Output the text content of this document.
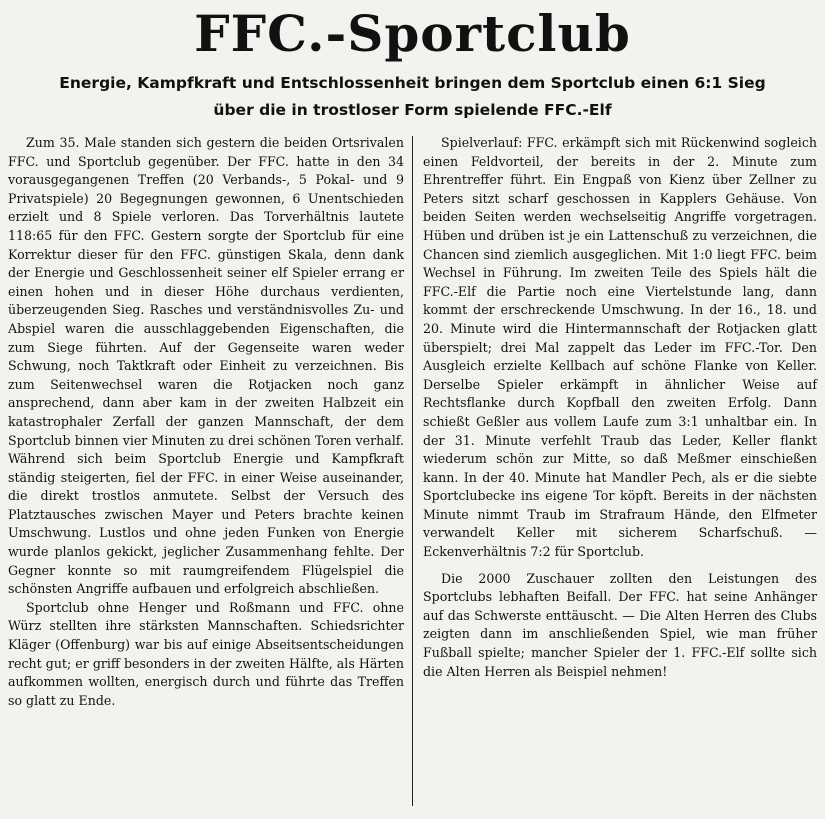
FFC.-Sportclub
Energie, Kampfkraft und Entschlossenheit bringen dem Sportclub einen 6:1 Sieg
über die in trostloser Form spielende FFC.-Elf

Zum 35. Male standen sich gestern die beiden Ortsrivalen FFC. und Sportclub gegenüber. Der FFC. hatte in den 34 vorausgegangenen Treffen (20 Verbands-, 5 Pokal- und 9 Privatspiele) 20 Begegnungen gewonnen, 6 Unentschieden erzielt und 8 Spiele verloren. Das Torverhältnis lautete 118:65 für den FFC. Gestern sorgte der Sportclub für eine Korrektur dieser für den FFC. günstigen Skala, denn dank der Energie und Geschlossenheit seiner elf Spieler errang er einen hohen und in dieser Höhe durchaus verdienten, überzeugenden Sieg. Rasches und verständnisvolles Zu- und Abspiel waren die ausschlaggebenden Eigenschaften, die zum Siege führten. Auf der Gegenseite waren weder Schwung, noch Taktkraft oder Einheit zu verzeichnen. Bis zum Seitenwechsel waren die Rotjacken noch ganz ansprechend, dann aber kam in der zweiten Halbzeit ein katastrophaler Zerfall der ganzen Mannschaft, der dem Sportclub binnen vier Minuten zu drei schönen Toren verhalf. Während sich beim Sportclub Energie und Kampfkraft ständig steigerten, fiel der FFC. in einer Weise auseinander, die direkt trostlos anmutete. Selbst der Versuch des Platztausches zwischen Mayer und Peters brachte keinen Umschwung. Lustlos und ohne jeden Funken von Energie wurde planlos gekickt, jeglicher Zusammenhang fehlte. Der Gegner konnte so mit raumgreifendem Flügelspiel die schönsten Angriffe aufbauen und erfolgreich abschließen.

Sportclub ohne Henger und Roßmann und FFC. ohne Würz stellten ihre stärksten Mannschaften. Schiedsrichter Kläger (Offenburg) war bis auf einige Abseitsentscheidungen recht gut; er griff besonders in der zweiten Hälfte, als Härten aufkommen wollten, energisch durch und führte das Treffen so glatt zu Ende.

Spielverlauf: FFC. erkämpft sich mit Rückenwind sogleich einen Feldvorteil, der bereits in der 2. Minute zum Ehrentreffer führt. Ein Engpaß von Kienz über Zellner zu Peters sitzt scharf geschossen in Kapplers Gehäuse. Von beiden Seiten werden wechselseitig Angriffe vorgetragen. Hüben und drüben ist je ein Lattenschuß zu verzeichnen, die Chancen sind ziemlich ausgeglichen. Mit 1:0 liegt FFC. beim Wechsel in Führung. Im zweiten Teile des Spiels hält die FFC.-Elf die Partie noch eine Viertelstunde lang, dann kommt der erschreckende Umschwung. In der 16., 18. und 20. Minute wird die Hintermannschaft der Rotjacken glatt überspielt; drei Mal zappelt das Leder im FFC.-Tor. Den Ausgleich erzielte Kellbach auf schöne Flanke von Keller. Derselbe Spieler erkämpft in ähnlicher Weise auf Rechtsflanke durch Kopfball den zweiten Erfolg. Dann schießt Geßler aus vollem Laufe zum 3:1 unhaltbar ein. In der 31. Minute verfehlt Traub das Leder, Keller flankt wiederum schön zur Mitte, so daß Meßmer einschießen kann. In der 40. Minute hat Mandler Pech, als er die siebte Sportclubecke ins eigene Tor köpft. Bereits in der nächsten Minute nimmt Traub im Strafraum Hände, den Elfmeter verwandelt Keller mit sicherem Scharfschuß. — Eckenverhältnis 7:2 für Sportclub.

Die 2000 Zuschauer zollten den Leistungen des Sportclubs lebhaften Beifall. Der FFC. hat seine Anhänger auf das Schwerste enttäuscht. — Die Alten Herren des Clubs zeigten dann im anschließenden Spiel, wie man früher Fußball spielte; mancher Spieler der 1. FFC.-Elf sollte sich die Alten Herren als Beispiel nehmen!
